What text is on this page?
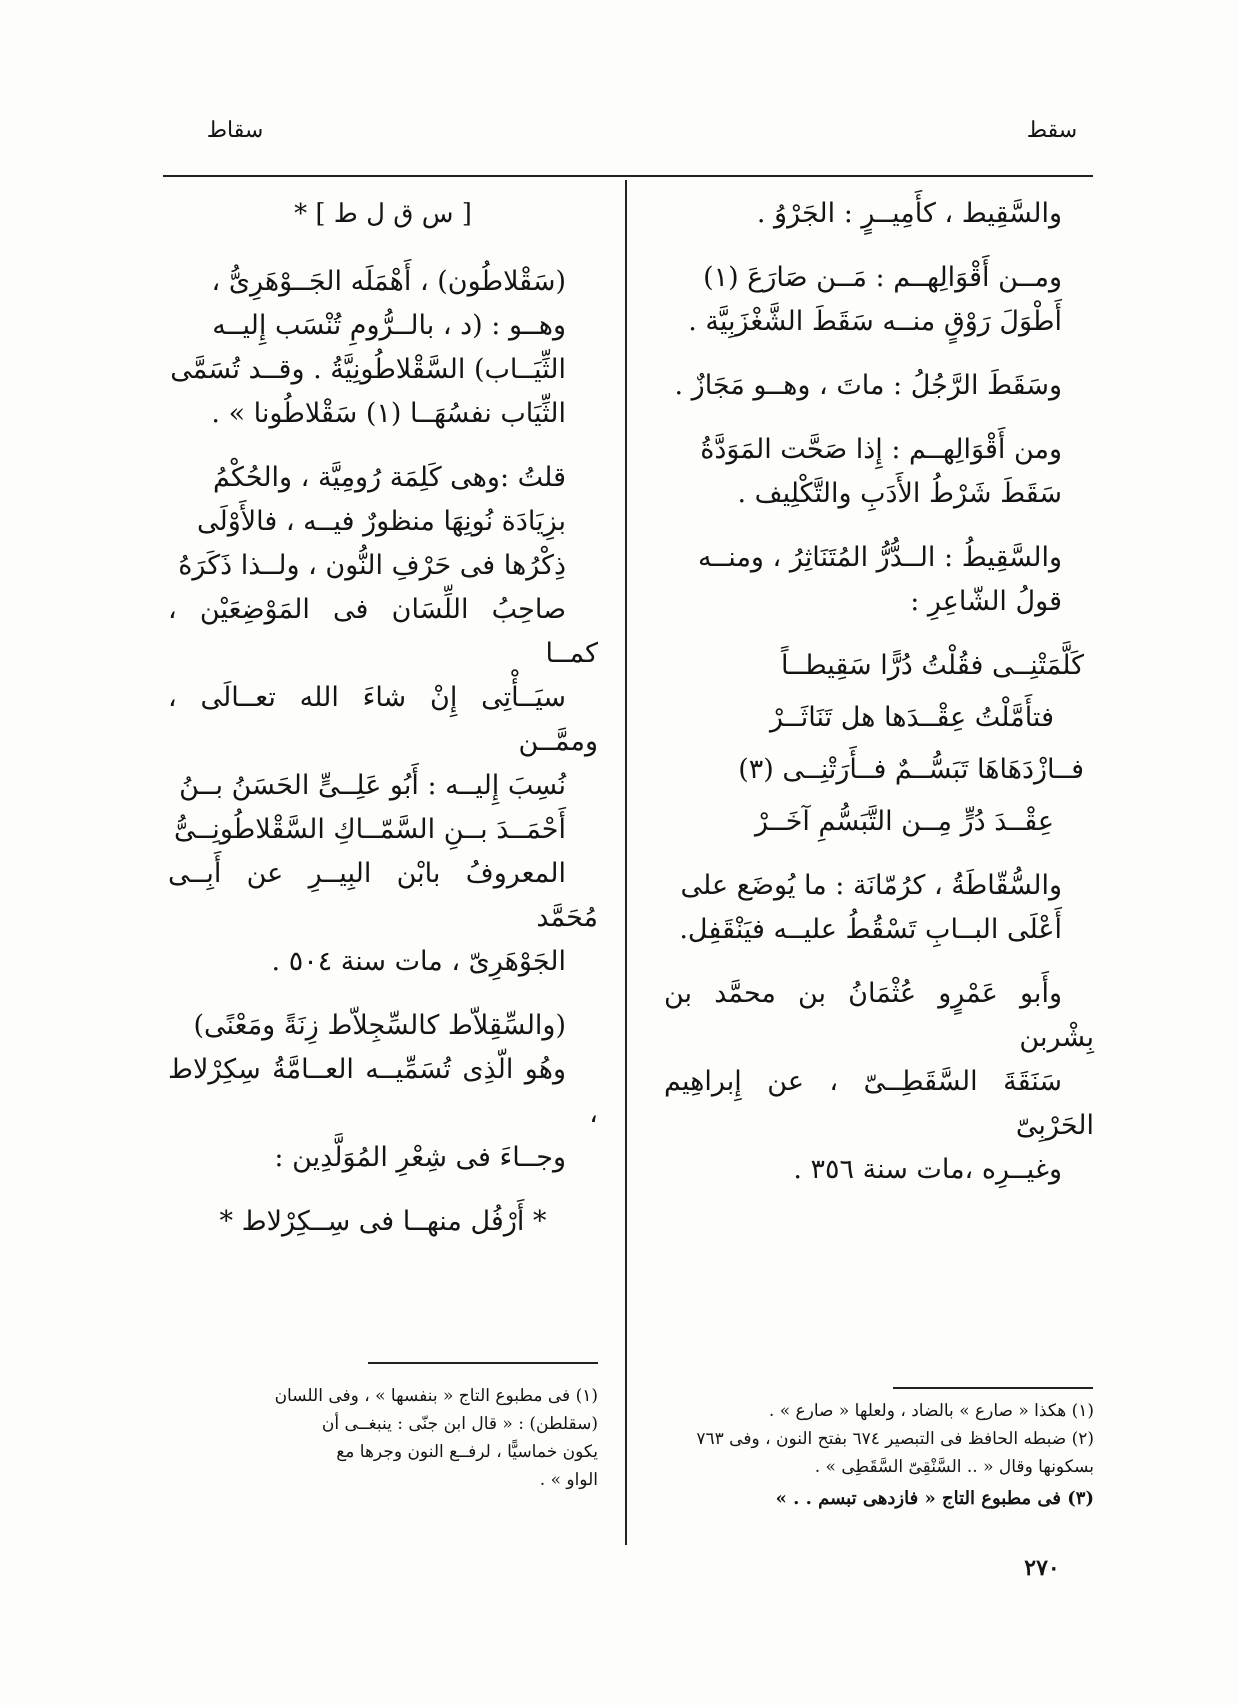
سقط
سقاط

والسَّقِيط ، كأَمِيــرٍ : الجَرْوُ .

ومــن أَقْوَالِهــم : مَــن صَارَعَ (١)
أَطْوَلَ رَوْقٍ منــه سَقَطَ الشَّغْزَبِيَّة .

وسَقَطَ الرَّجُلُ : ماتَ ، وهــو مَجَازٌ .

ومن أَقْوَالِهــم : إِذا صَحَّت المَوَدَّةُ
سَقَطَ شَرْطُ الأَدَبِ والتَّكْلِيف .

والسَّقِيطُ : الــدُّرُّ المُتَنَاثِرُ ، ومنــه
قولُ الشّاعِرِ :

كَلَّمَتْنِــى فقُلْتُ دُرًّا سَقِيطــاً

فتأَمَّلْتُ عِقْــدَها هل تَنَاثَــرْ

فــازْدَهَاهَا تَبَسُّــمٌ فــأَرَتْنِــى (٣)

عِقْــدَ دُرٍّ مِــن التَّبَسُّمِ آخَــرْ

والسُّقّاطَةُ ، كرُمّانَة : ما يُوضَع على
أَعْلَى البــابِ تَسْقُطُ عليــه فيَنْقَفِل.

وأَبو عَمْرٍو عُثْمَانُ بن محمَّد بن بِشْربن
سَنَقَةَ السَّقَطِــىّ ، عن إِبراهِيم الحَرْبِىّ
وغيــرِه ،مات سنة ٣٥٦ .

[ س ق ل ط ] *

(سَقْلاطُون) ، أَهْمَلَه الجَــوْهَرِىُّ ،
وهــو : (د ، بالــرُّومِ تُنْسَب إِليــه
الثِّيَــاب) السَّقْلاطُونِيَّةُ . وقــد تُسَمَّى
الثِّيَاب نفسُهَــا (١) سَقْلاطُونا » .

قلتُ :وهى كَلِمَة رُومِيَّة ، والحُكْمُ
بزِيَادَة نُونِهَا منظورٌ فيــه ، فالأَوْلَى
ذِكْرُها فى حَرْفِ النُّون ، ولــذا ذَكَرَهُ
صاحِبُ اللِّسَان فى المَوْضِعَيْن ، كمــا
سيَــأْتِى إِنْ شاءَ الله تعــالَى ، وممَّــن
نُسِبَ إِليــه : أَبُو عَلِــىٍّ الحَسَنُ بــنُ
أَحْمَــدَ بــنِ السَّمّــاكِ السَّقْلاطُونِــىُّ
المعروفُ بابْن البِيــرِ عن أَبِــى مُحَمَّد
الجَوْهَرِىّ ، مات سنة ٥٠٤ .

(والسِّقِلاّط كالسِّجِلاّط زِنَةً ومَعْنًى)
وهُو الّذِى تُسَمِّيــه العــامَّةُ سِكِرْلاط ،
وجــاءَ فى شِعْرِ المُوَلَّدِين :

* أَرْفُل منهــا فى سِــكِرْلاط *

(١) هكذا « صارع » بالضاد ، ولعلها « صارع » .

(٢) ضبطه الحافظ فى التبصير ٦٧٤ بفتح النون ، وفى ٧٦٣

بسكونها وقال « .. السَّنْقِىّ السَّقَطِى » .

(٣) فى مطبوع التاج « فازدهى تبسم . . »

(١) فى مطبوع التاج « بنفسها » ، وفى اللسان

(سقلطن) : « قال ابن جنّى : ينبغــى أن

يكون خماسيًّا ، لرفــع النون وجرها مع

الواو » .

٢٧٠
